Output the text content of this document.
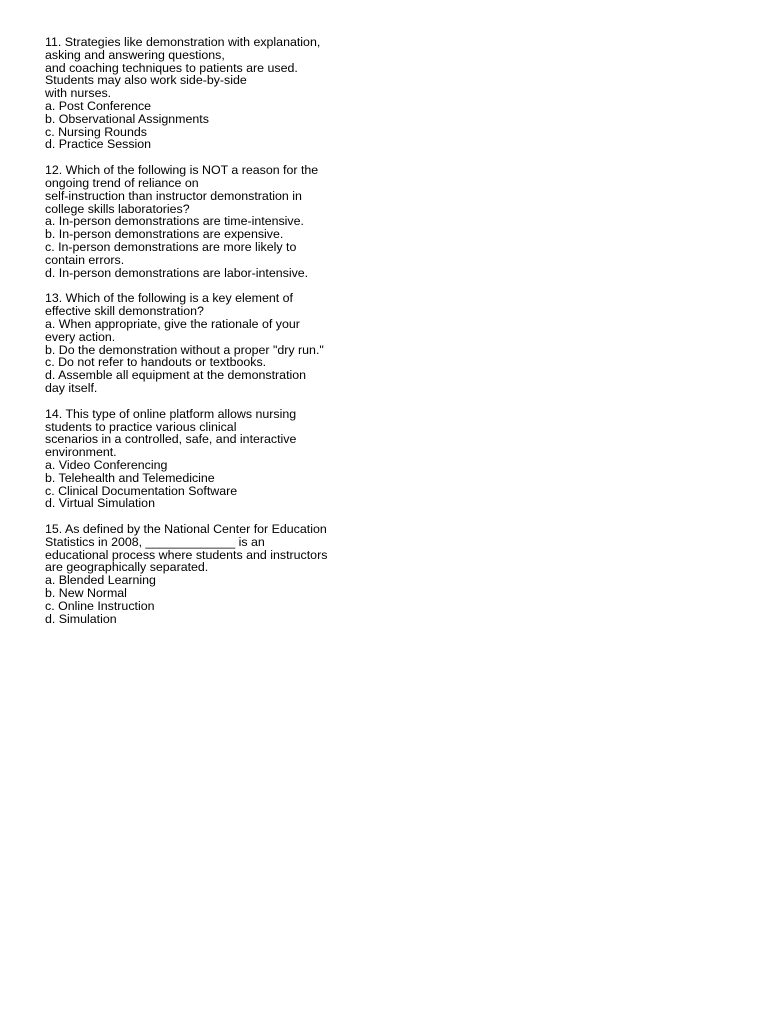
11. Strategies like demonstration with explanation,
asking and answering questions,
and coaching techniques to patients are used.
Students may also work side-by-side
with nurses.
a. Post Conference
b. Observational Assignments
c. Nursing Rounds
d. Practice Session
12. Which of the following is NOT a reason for the
ongoing trend of reliance on
self-instruction than instructor demonstration in
college skills laboratories?
a. In-person demonstrations are time-intensive.
b. In-person demonstrations are expensive.
c. In-person demonstrations are more likely to
contain errors.
d. In-person demonstrations are labor-intensive.
13. Which of the following is a key element of
effective skill demonstration?
a. When appropriate, give the rationale of your
every action.
b. Do the demonstration without a proper "dry run."
c. Do not refer to handouts or textbooks.
d. Assemble all equipment at the demonstration
day itself.
14. This type of online platform allows nursing
students to practice various clinical
scenarios in a controlled, safe, and interactive
environment.
a. Video Conferencing
b. Telehealth and Telemedicine
c. Clinical Documentation Software
d. Virtual Simulation
15. As defined by the National Center for Education
Statistics in 2008, _____________ is an
educational process where students and instructors
are geographically separated.
a. Blended Learning
b. New Normal
c. Online Instruction
d. Simulation
